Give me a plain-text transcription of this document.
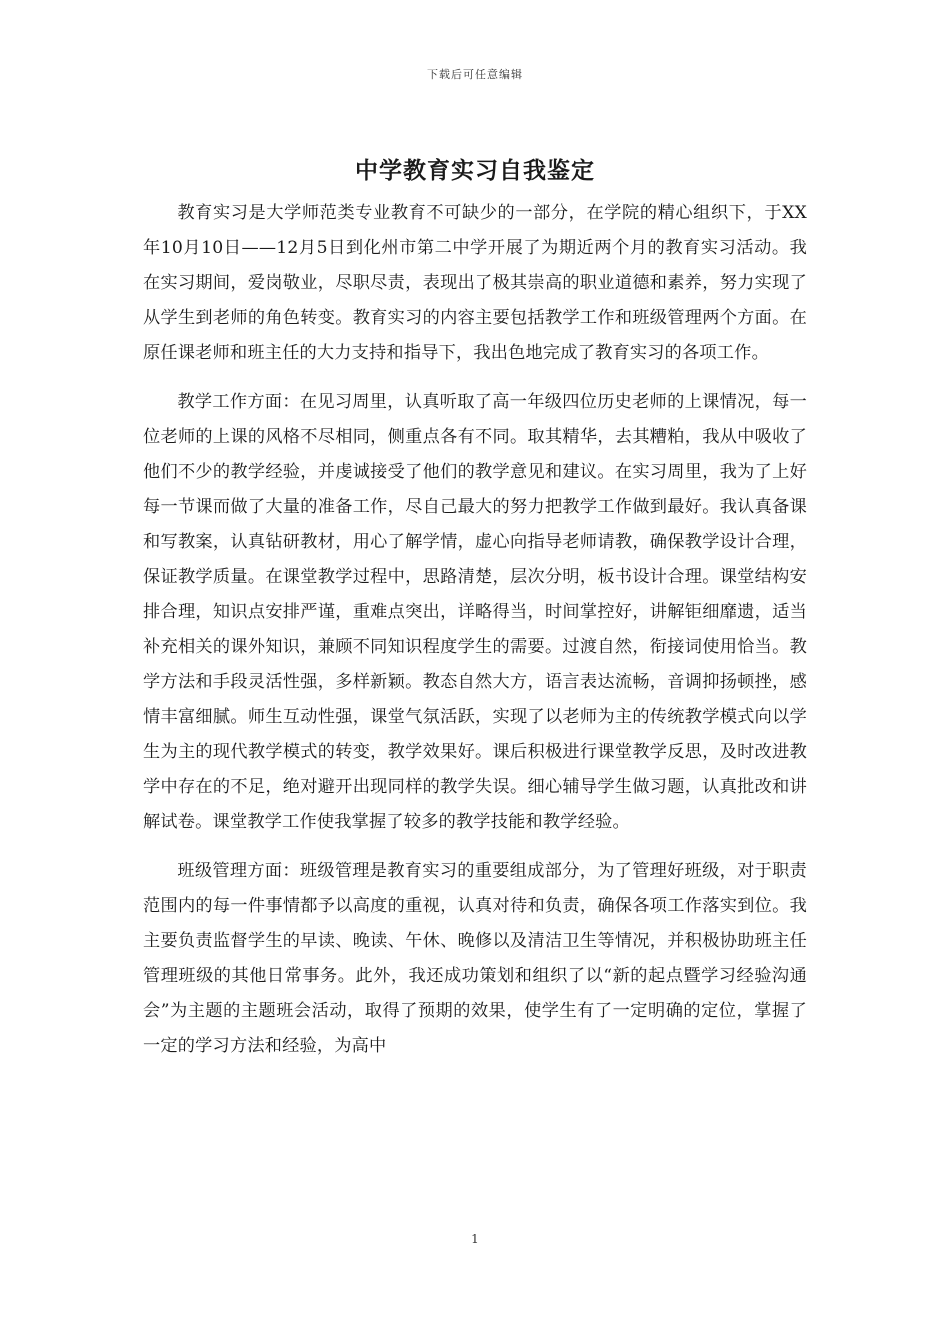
下载后可任意编辑
中学教育实习自我鉴定

教育实习是大学师范类专业教育不可缺少的一部分，在学院的精心组织下，于XX年10月10日——12月5日到化州市第二中学开展了为期近两个月的教育实习活动。我在实习期间，爱岗敬业，尽职尽责，表现出了极其崇高的职业道德和素养，努力实现了从学生到老师的角色转变。教育实习的内容主要包括教学工作和班级管理两个方面。在原任课老师和班主任的大力支持和指导下，我出色地完成了教育实习的各项工作。

教学工作方面：在见习周里，认真听取了高一年级四位历史老师的上课情况，每一位老师的上课的风格不尽相同，侧重点各有不同。取其精华，去其糟粕，我从中吸收了他们不少的教学经验，并虔诚接受了他们的教学意见和建议。在实习周里，我为了上好每一节课而做了大量的准备工作，尽自己最大的努力把教学工作做到最好。我认真备课和写教案，认真钻研教材，用心了解学情，虚心向指导老师请教，确保教学设计合理，保证教学质量。在课堂教学过程中，思路清楚，层次分明，板书设计合理。课堂结构安排合理，知识点安排严谨，重难点突出，详略得当，时间掌控好，讲解钜细靡遗，适当补充相关的课外知识，兼顾不同知识程度学生的需要。过渡自然，衔接词使用恰当。教学方法和手段灵活性强，多样新颖。教态自然大方，语言表达流畅，音调抑扬顿挫，感情丰富细腻。师生互动性强，课堂气氛活跃，实现了以老师为主的传统教学模式向以学生为主的现代教学模式的转变，教学效果好。课后积极进行课堂教学反思，及时改进教学中存在的不足，绝对避开出现同样的教学失误。细心辅导学生做习题，认真批改和讲解试卷。课堂教学工作使我掌握了较多的教学技能和教学经验。

班级管理方面：班级管理是教育实习的重要组成部分，为了管理好班级，对于职责范围内的每一件事情都予以高度的重视，认真对待和负责，确保各项工作落实到位。我主要负责监督学生的早读、晚读、午休、晚修以及清洁卫生等情况，并积极协助班主任管理班级的其他日常事务。此外，我还成功策划和组织了以“新的起点暨学习经验沟通会”为主题的主题班会活动，取得了预期的效果，使学生有了一定明确的定位，掌握了一定的学习方法和经验，为高中

1
